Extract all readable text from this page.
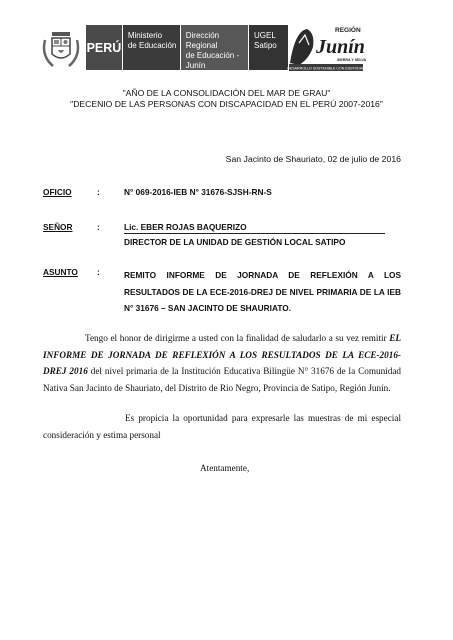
PERÚ
Ministerio
de Educación
Dirección Regional
de Educación - Junín
UGEL
Satipo
REGIÓN
Junín
SIERRA Y SELVA
DESARROLLO SOSTENIBLE CON IDENTIDAD
"AÑO DE LA CONSOLIDACIÓN DEL MAR DE GRAU"
"DECENIO DE LAS PERSONAS CON DISCAPACIDAD EN EL PERÚ 2007-2016"
San Jacinto de Shauriato, 02 de julio de 2016
OFICIO	:	N° 069-2016-IEB N° 31676-SJSH-RN-S
SEÑOR	:	Lic. EBER ROJAS BAQUERIZO
DIRECTOR DE LA UNIDAD DE GESTIÓN LOCAL SATIPO
ASUNTO :	REMITO INFORME DE JORNADA DE REFLEXIÓN A LOS RESULTADOS DE LA ECE-2016-DREJ DE NIVEL PRIMARIA DE LA IEB N° 31676 – SAN JACINTO DE SHAURIATO.
Tengo el honor de dirigirme a usted con la finalidad de saludarlo a su vez remitir EL INFORME DE JORNADA DE REFLEXIÓN A LOS RESULTADOS DE LA ECE-2016-DREJ 2016 del nivel primaria de la Institución Educativa Bilingüe N° 31676 de la Comunidad Nativa San Jacinto de Shauriato, del Distrito de Rio Negro, Provincia de Satipo, Región Junín.
Es propicia la oportunidad para expresarle las muestras de mi especial consideración y estima personal
Atentamente,
